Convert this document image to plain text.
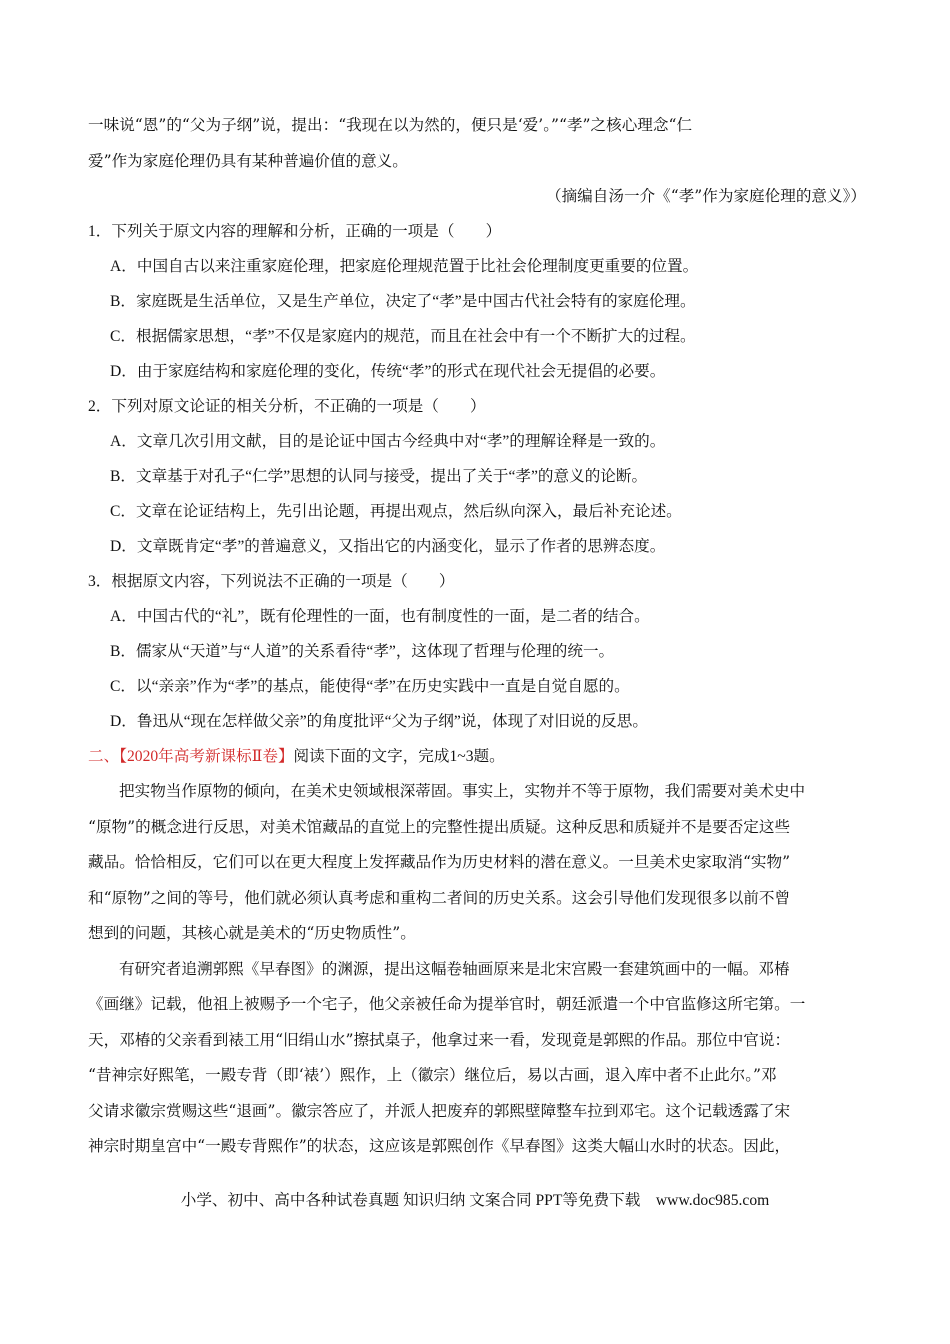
一味说“恩”的“父为子纲”说，提出：“我现在以为然的，便只是‘爱’。”“孝”之核心理念“仁

爱”作为家庭伦理仍具有某种普遍价值的意义。

（摘编自汤一介《“孝”作为家庭伦理的意义》）

1．下列关于原文内容的理解和分析，正确的一项是（　　）

A．中国自古以来注重家庭伦理，把家庭伦理规范置于比社会伦理制度更重要的位置。

B．家庭既是生活单位，又是生产单位，决定了“孝”是中国古代社会特有的家庭伦理。

C．根据儒家思想，“孝”不仅是家庭内的规范，而且在社会中有一个不断扩大的过程。

D．由于家庭结构和家庭伦理的变化，传统“孝”的形式在现代社会无提倡的必要。

2．下列对原文论证的相关分析，不正确的一项是（　　）

A．文章几次引用文献，目的是论证中国古今经典中对“孝”的理解诠释是一致的。

B．文章基于对孔子“仁学”思想的认同与接受，提出了关于“孝”的意义的论断。

C．文章在论证结构上，先引出论题，再提出观点，然后纵向深入，最后补充论述。

D．文章既肯定“孝”的普遍意义，又指出它的内涵变化，显示了作者的思辨态度。

3．根据原文内容，下列说法不正确的一项是（　　）

A．中国古代的“礼”，既有伦理性的一面，也有制度性的一面，是二者的结合。

B．儒家从“天道”与“人道”的关系看待“孝”，这体现了哲理与伦理的统一。

C．以“亲亲”作为“孝”的基点，能使得“孝”在历史实践中一直是自觉自愿的。

D．鲁迅从“现在怎样做父亲”的角度批评“父为子纲”说，体现了对旧说的反思。

二、【2020年高考新课标Ⅱ卷】阅读下面的文字，完成1~3题。

把实物当作原物的倾向，在美术史领域根深蒂固。事实上，实物并不等于原物，我们需要对美术史中

“原物”的概念进行反思，对美术馆藏品的直觉上的完整性提出质疑。这种反思和质疑并不是要否定这些

藏品。恰恰相反，它们可以在更大程度上发挥藏品作为历史材料的潜在意义。一旦美术史家取消“实物”

和“原物”之间的等号，他们就必须认真考虑和重构二者间的历史关系。这会引导他们发现很多以前不曾

想到的问题，其核心就是美术的“历史物质性”。

有研究者追溯郭熙《早春图》的渊源，提出这幅卷轴画原来是北宋宫殿一套建筑画中的一幅。邓椿

《画继》记载，他祖上被赐予一个宅子，他父亲被任命为提举官时，朝廷派遣一个中官监修这所宅第。一

天，邓椿的父亲看到裱工用“旧绢山水”擦拭桌子，他拿过来一看，发现竟是郭熙的作品。那位中官说：

“昔神宗好熙笔，一殿专背（即‘裱’）熙作，上（徽宗）继位后，易以古画，退入库中者不止此尔。”邓

父请求徽宗赏赐这些“退画”。徽宗答应了，并派人把废弃的郭熙壁障整车拉到邓宅。这个记载透露了宋

神宗时期皇宫中“一殿专背熙作”的状态，这应该是郭熙创作《早春图》这类大幅山水时的状态。因此，

小学、初中、高中各种试卷真题 知识归纳 文案合同 PPT等免费下载　www.doc985.com
